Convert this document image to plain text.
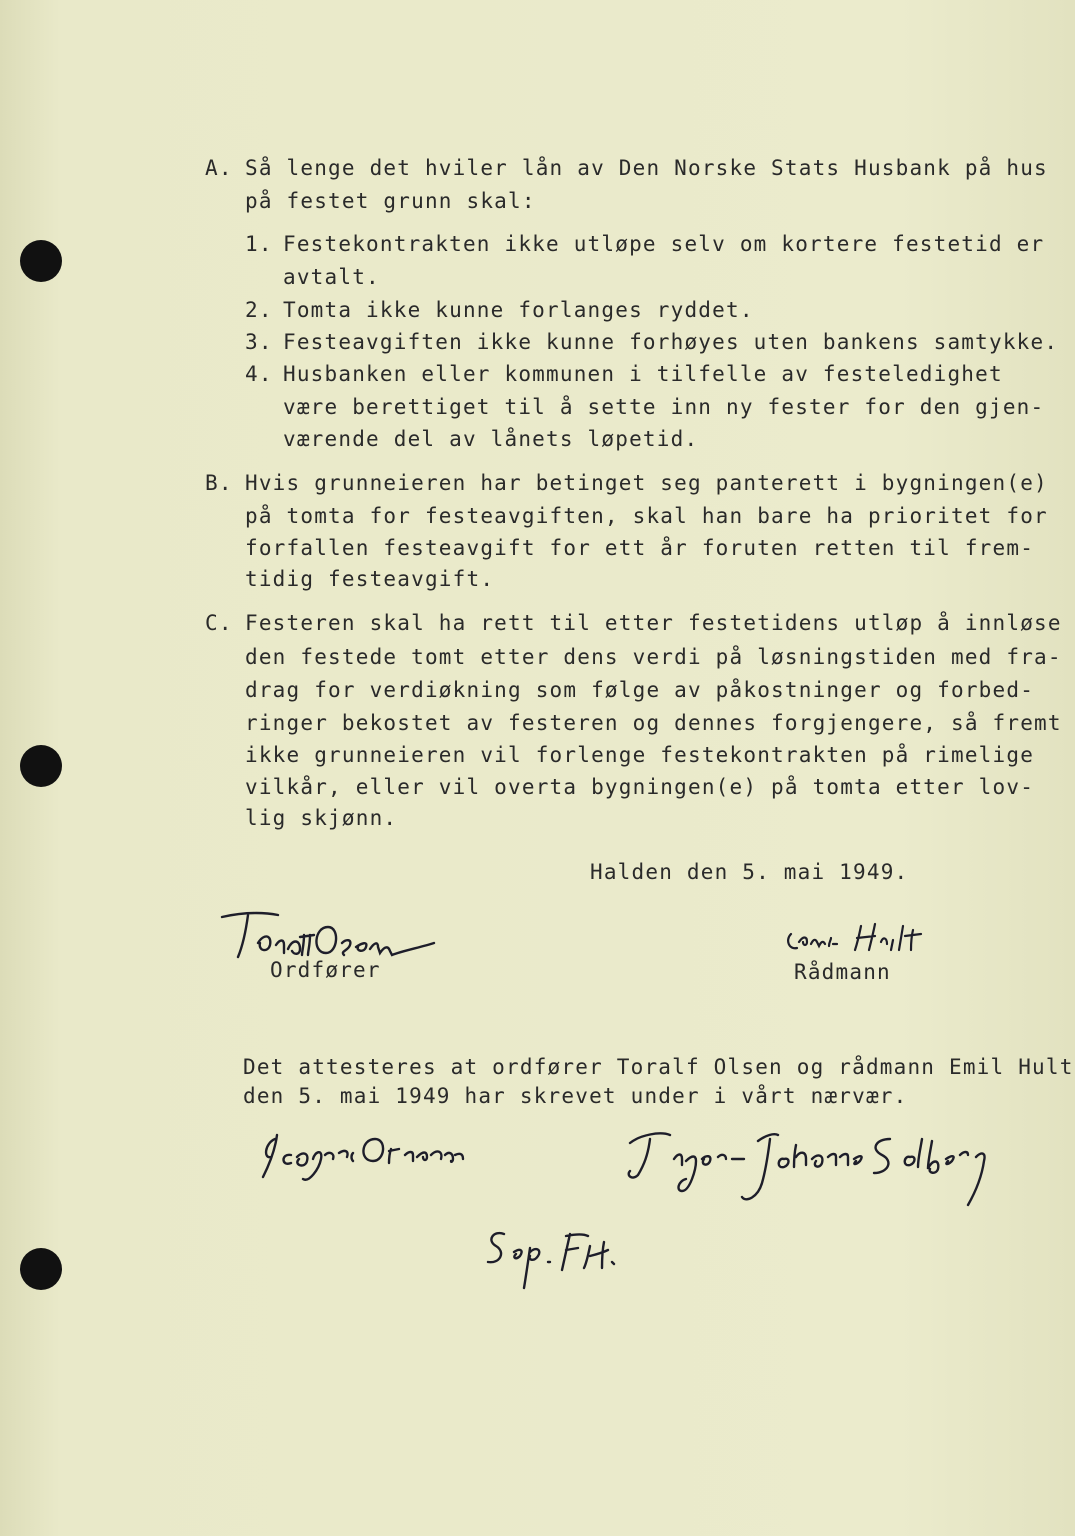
A. Så lenge det hviler lån av Den Norske Stats Husbank på hus
på festet grunn skal:
1. Festekontrakten ikke utløpe selv om kortere festetid er
avtalt.
2. Tomta ikke kunne forlanges ryddet.
3. Festeavgiften ikke kunne forhøyes uten bankens samtykke.
4. Husbanken eller kommunen i tilfelle av festeledighet
være berettiget til å sette inn ny fester for den gjen-
værende del av lånets løpetid.
B. Hvis grunneieren har betinget seg panterett i bygningen(e)
på tomta for festeavgiften, skal han bare ha prioritet for
forfallen festeavgift for ett år foruten retten til frem-
tidig festeavgift.
C. Festeren skal ha rett til etter festetidens utløp å innløse
den festede tomt etter dens verdi på løsningstiden med fra-
drag for verdiøkning som følge av påkostninger og forbed-
ringer bekostet av festeren og dennes forgjengere, så fremt
ikke grunneieren vil forlenge festekontrakten på rimelige
vilkår, eller vil overta bygningen(e) på tomta etter lov-
lig skjønn.
Halden den 5. mai 1949.
Ordfører	Rådmann
Det attesteres at ordfører Toralf Olsen og rådmann Emil Hult
den 5. mai 1949 har skrevet under i vårt nærvær.
